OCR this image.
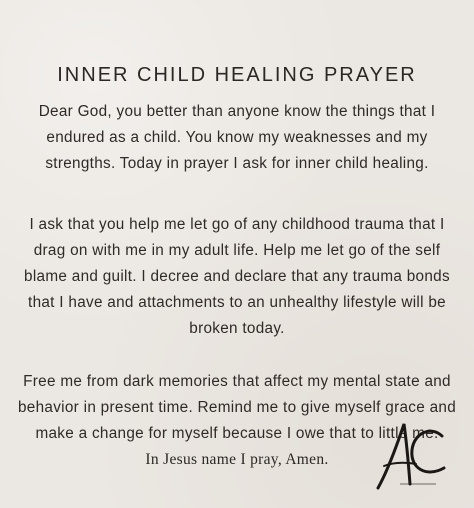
INNER CHILD HEALING PRAYER

Dear God, you better than anyone know the things that I endured as a child. You know my weaknesses and my strengths. Today in prayer I ask for inner child healing.

I ask that you help me let go of any childhood trauma that I drag on with me in my adult life. Help me let go of the self blame and guilt. I decree and declare that any trauma bonds that I have and attachments to an unhealthy lifestyle will be broken today.

Free me from dark memories that affect my mental state and behavior in present time. Remind me to give myself grace and make a change for myself because I owe that to little me.

In Jesus name I pray, Amen.
